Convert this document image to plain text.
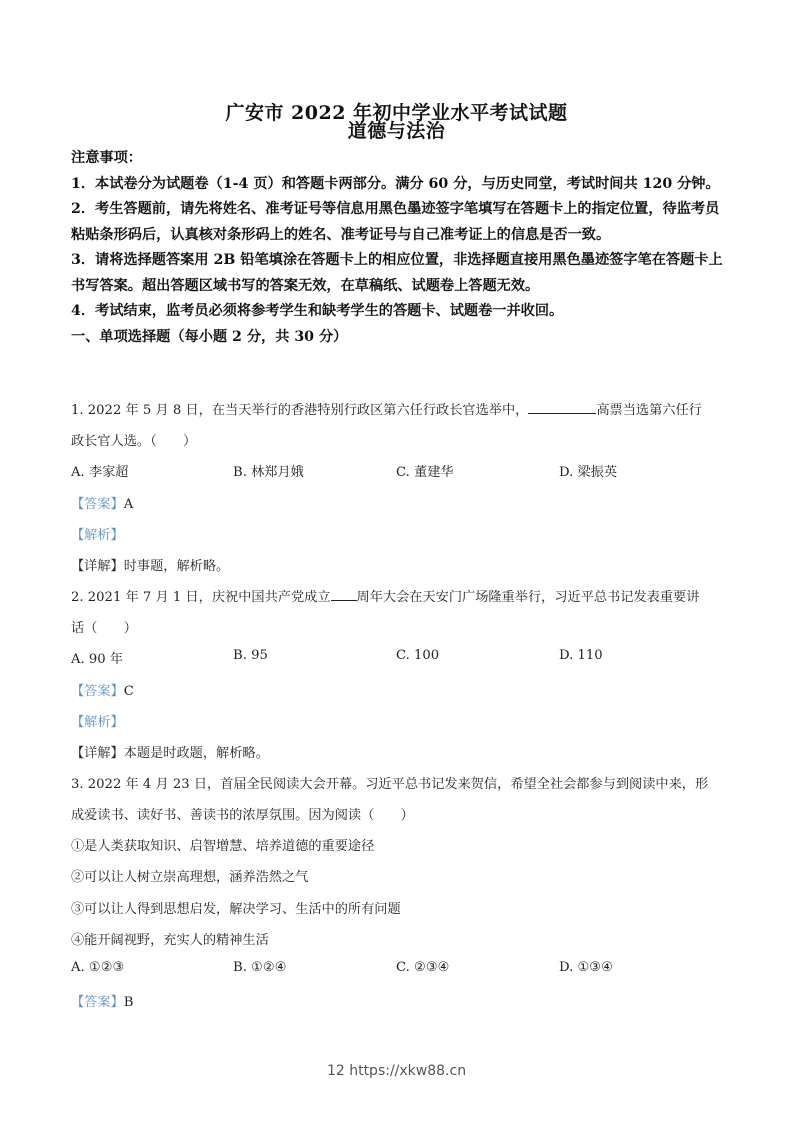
广安市 2022 年初中学业水平考试试题
道德与法治

注意事项：

1．本试卷分为试题卷（1-4 页）和答题卡两部分。满分 60 分，与历史同堂，考试时间共 120 分钟。

2．考生答题前，请先将姓名、准考证号等信息用黑色墨迹签字笔填写在答题卡上的指定位置，待监考员粘贴条形码后，认真核对条形码上的姓名、准考证号与自己准考证上的信息是否一致。

3．请将选择题答案用 2B 铅笔填涂在答题卡上的相应位置，非选择题直接用黑色墨迹签字笔在答题卡上书写答案。超出答题区域书写的答案无效，在草稿纸、试题卷上答题无效。

4．考试结束，监考员必须将参考学生和缺考学生的答题卡、试题卷一并收回。

一、单项选择题（每小题 2 分，共 30 分）

1. 2022 年 5 月 8 日，在当天举行的香港特别行政区第六任行政长官选举中，	高票当选第六任行
政长官人选。（　　）
A. 李家超	B. 林郑月娥	C. 董建华	D. 梁振英
【答案】A
【解析】
【详解】时事题，解析略。
2. 2021 年 7 月 1 日，庆祝中国共产党成立 周年大会在天安门广场隆重举行，习近平总书记发表重要讲
话（　　）
A. 90 年	B. 95	C. 100	D. 110
【答案】C
【解析】
【详解】本题是时政题，解析略。
3. 2022 年 4 月 23 日，首届全民阅读大会开幕。习近平总书记发来贺信，希望全社会都参与到阅读中来，形
成爱读书、读好书、善读书的浓厚氛围。因为阅读（　　）
①是人类获取知识、启智增慧、培养道德的重要途径
②可以让人树立崇高理想，涵养浩然之气
③可以让人得到思想启发，解决学习、生活中的所有问题
④能开阔视野，充实人的精神生活
A. ①②③	B. ①②④	C. ②③④	D. ①③④
【答案】B
12 https://xkw88.cn
